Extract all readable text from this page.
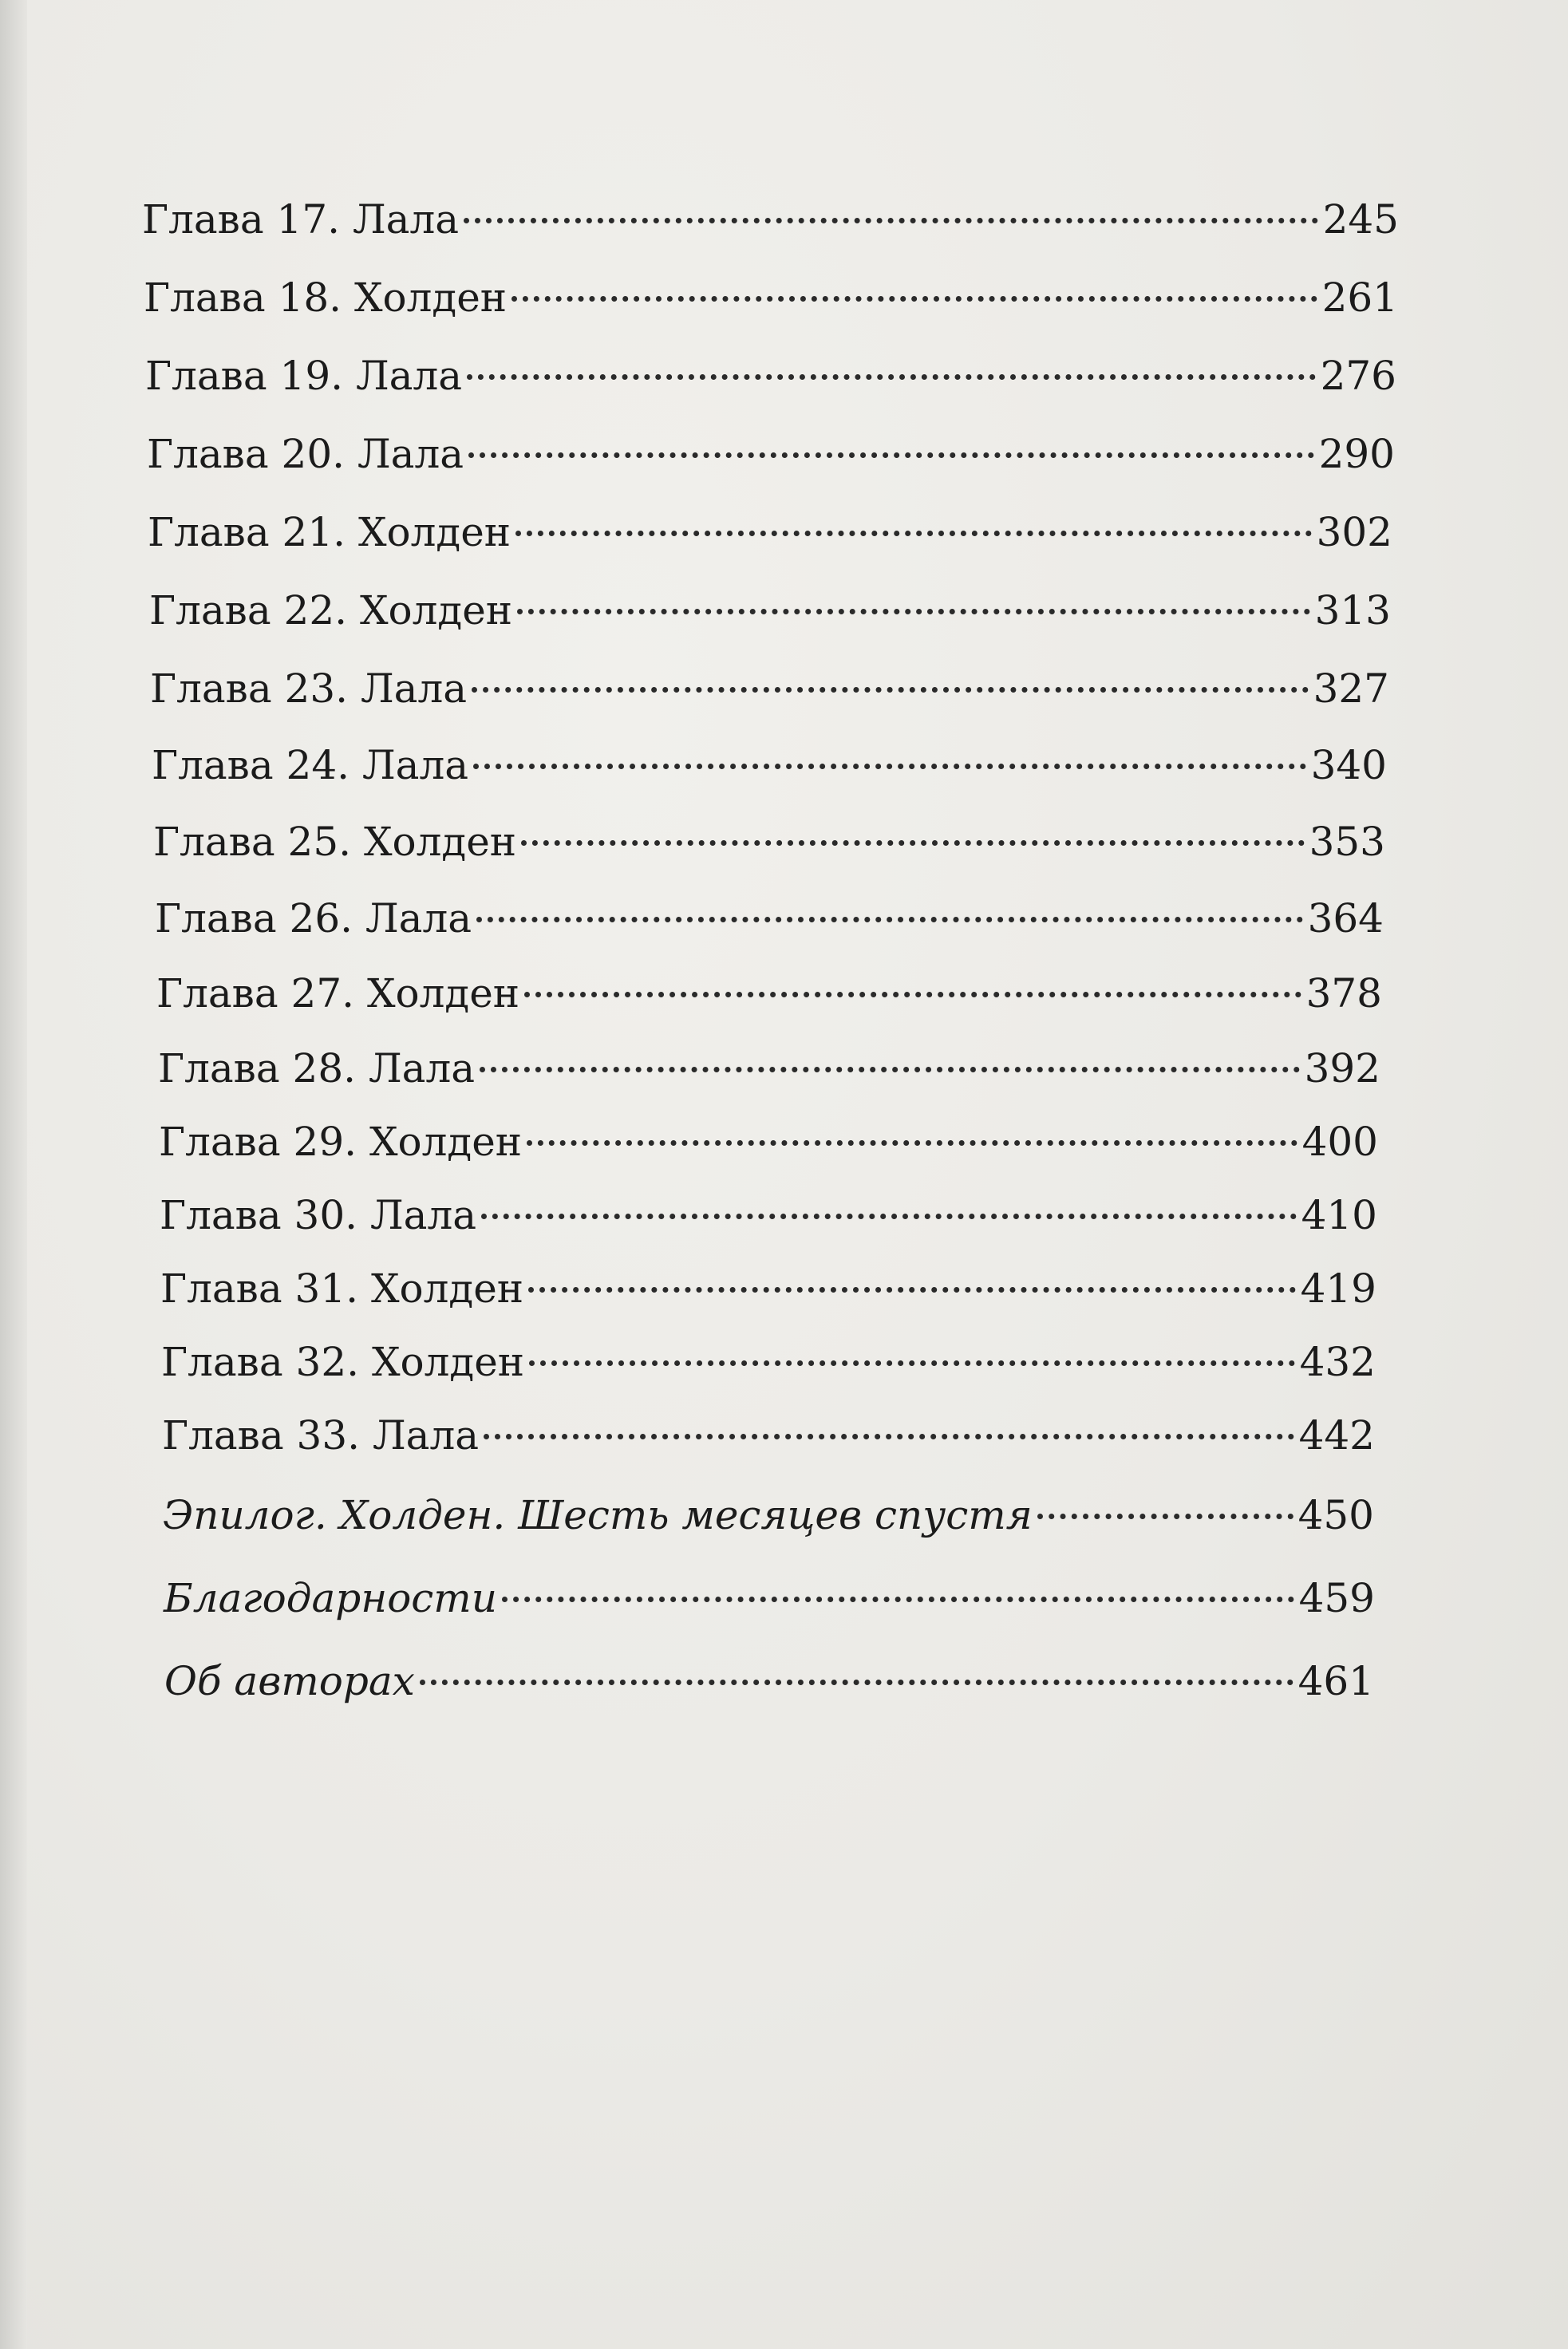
Глава 17. Лала	245
Глава 18. Холден	261
Глава 19. Лала	276
Глава 20. Лала	290
Глава 21. Холден	302
Глава 22. Холден	313
Глава 23. Лала	327
Глава 24. Лала	340
Глава 25. Холден	353
Глава 26. Лала	364
Глава 27. Холден	378
Глава 28. Лала	392
Глава 29. Холден	400
Глава 30. Лала	410
Глава 31. Холден	419
Глава 32. Холден	432
Глава 33. Лала	442
Эпилог. Холден. Шесть месяцев спустя	450
Благодарности	459
Об авторах	461
